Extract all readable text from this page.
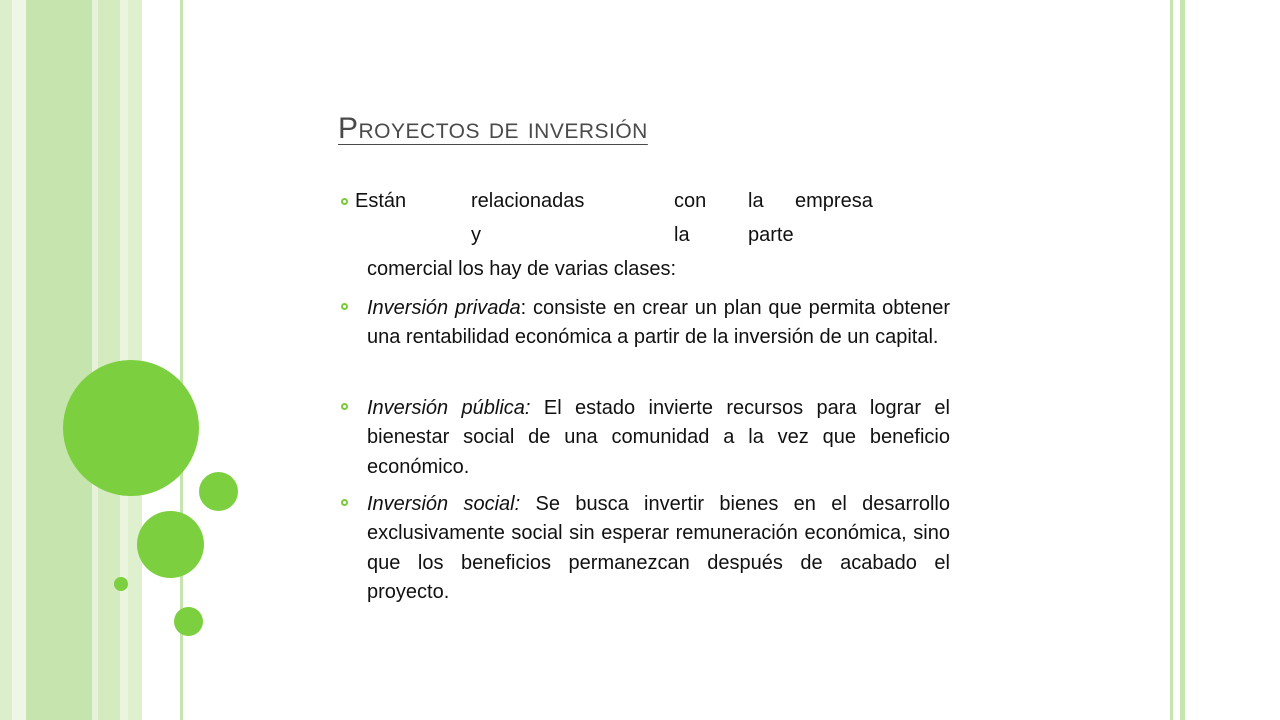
Proyectos de inversión
Están	relacionadas	con la empresa
y	la	parte
comercial los hay de varias clases:

Inversión privada: consiste en crear un plan que permita obtener una rentabilidad económica a partir de la inversión de un capital.

Inversión pública: El estado invierte recursos para lograr el bienestar social de una comunidad a la vez que beneficio económico.

Inversión social: Se busca invertir bienes en el desarrollo exclusivamente social sin esperar remuneración económica, sino que los beneficios permanezcan después de acabado el proyecto.
